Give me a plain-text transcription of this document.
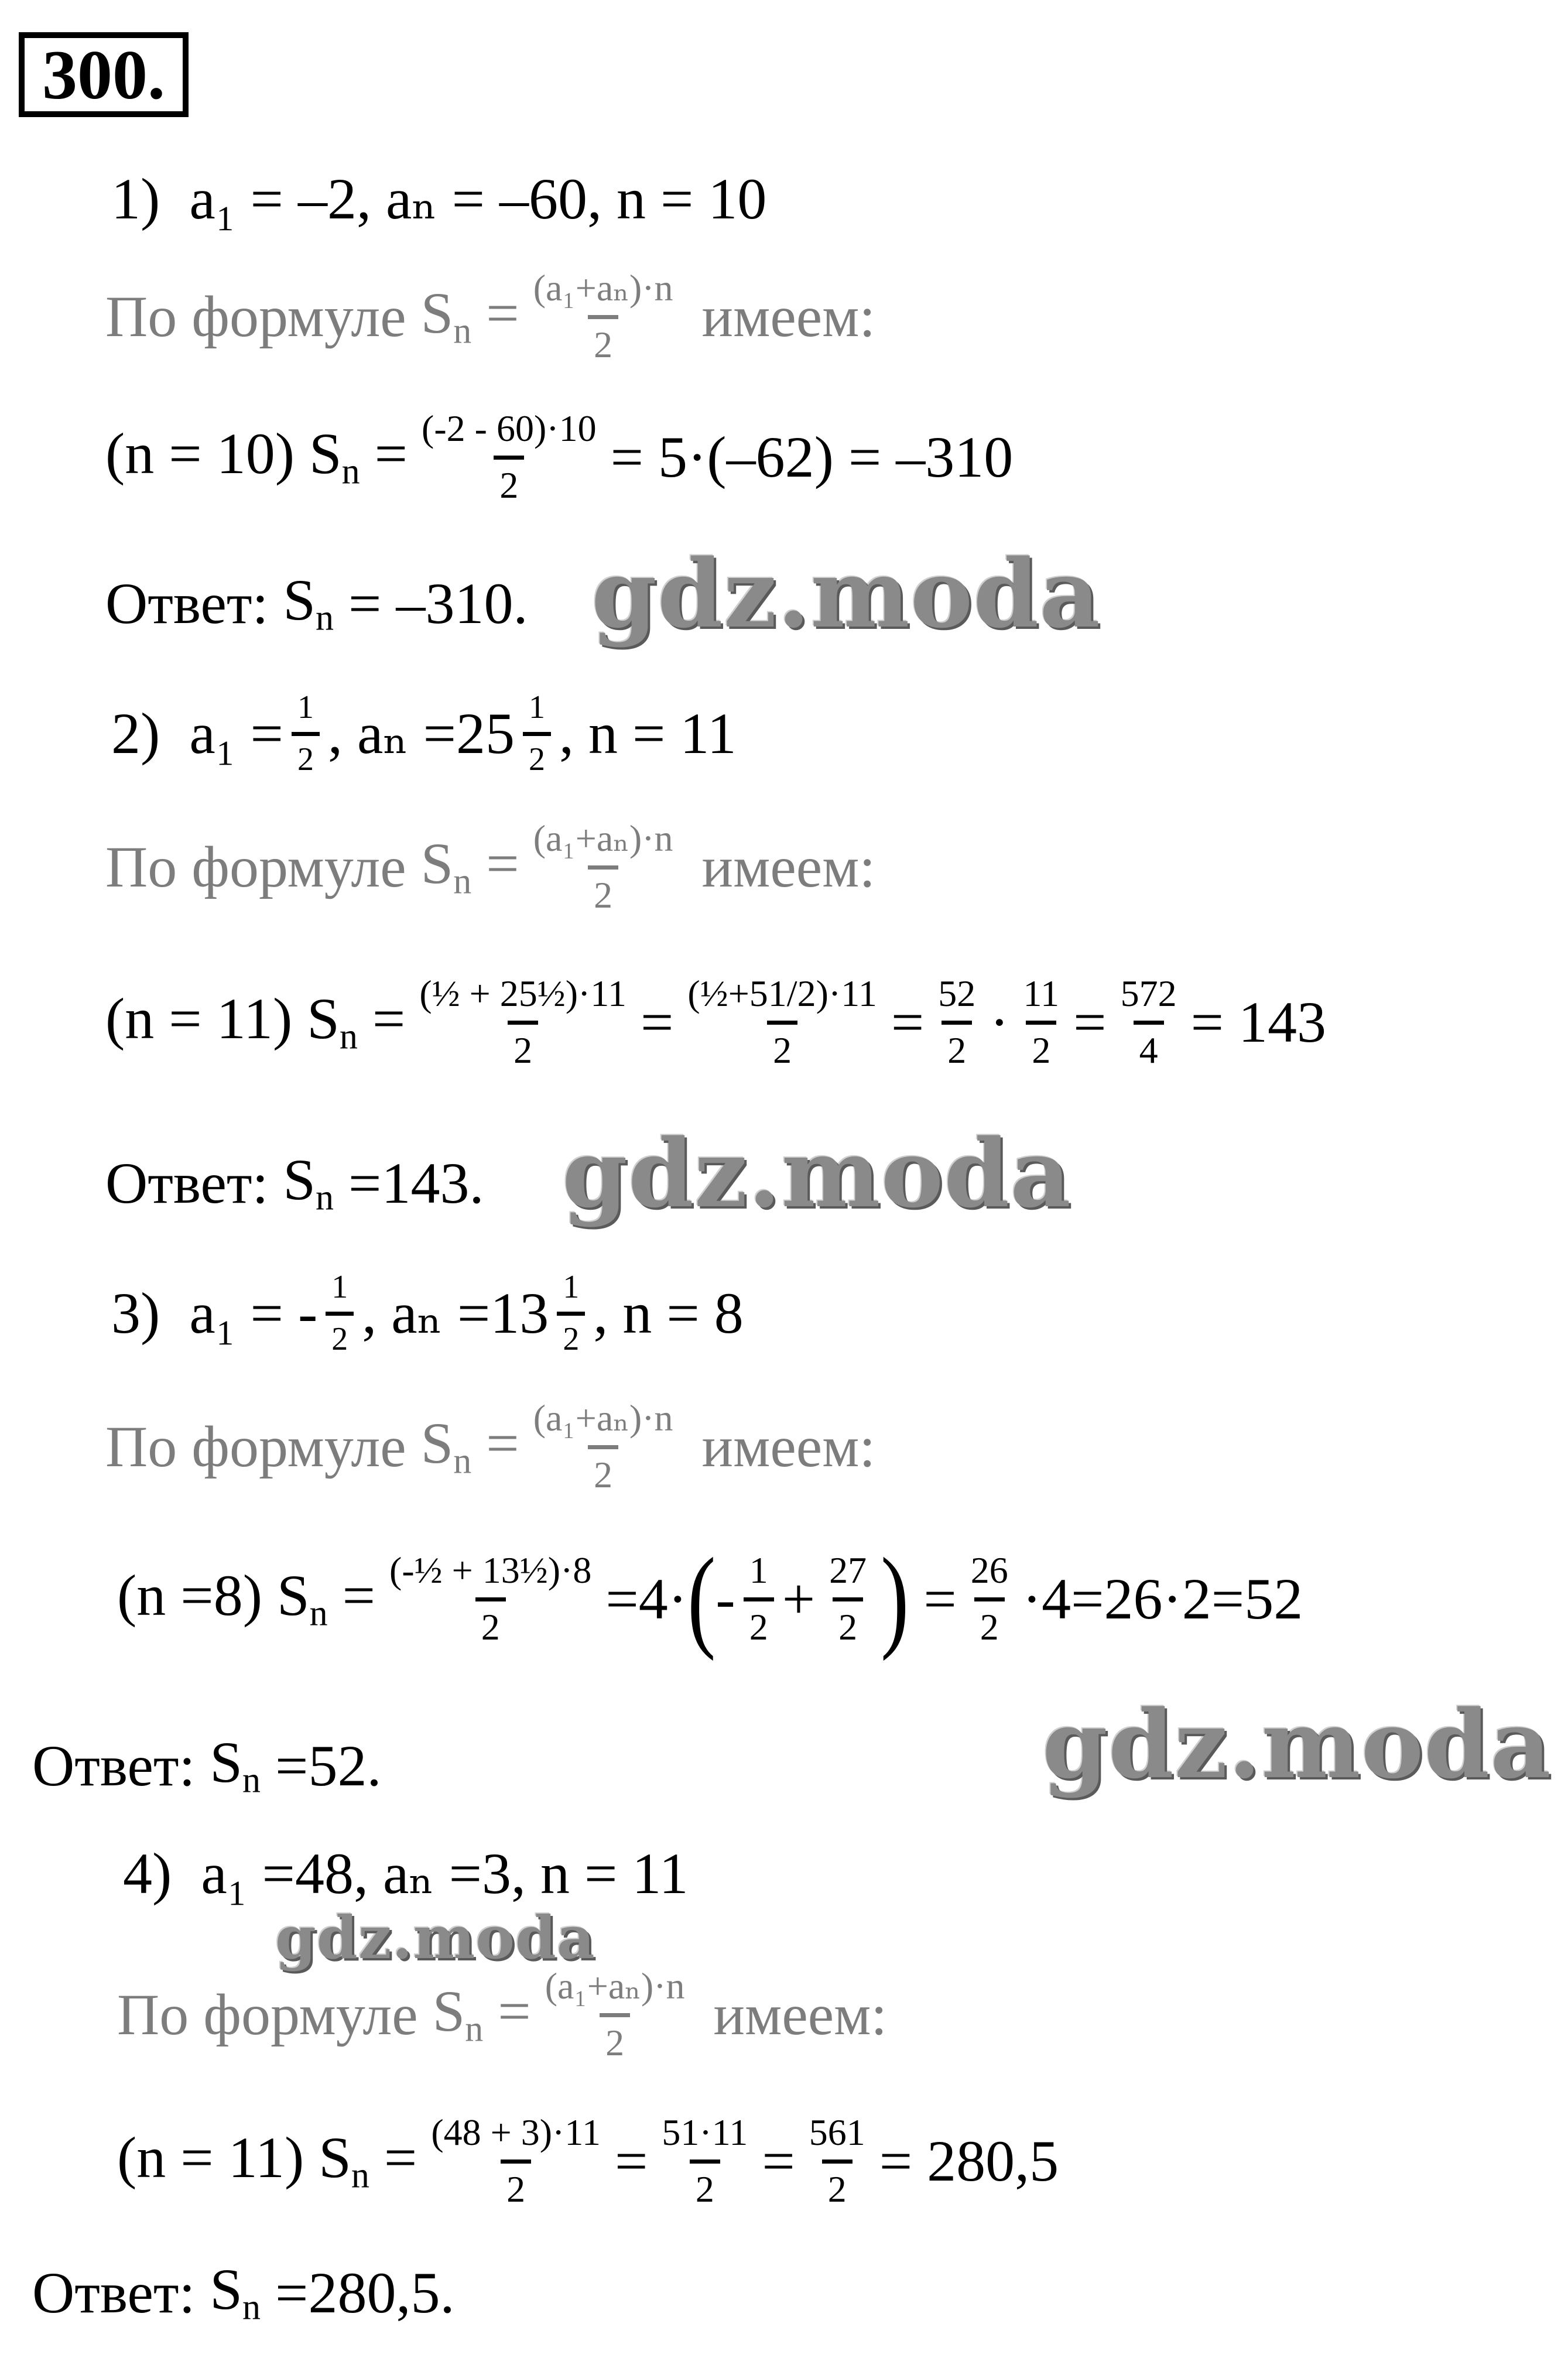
300.
1)
a₁ = –2, aₙ = –60, n = 10
По формуле
$S_n = \frac{\text{(a₁+aₙ)·n}}{2}$
имеем:
(n = 10) $S_n = \frac{(-2 - 60)\cdot 10}{2} = 5\cdot(-62) = -310$
Ответ:
$S_n = -310$. gdz.moda
2)
$a_1 = \frac{1}{2}$ , $a_n =25 \frac{1}{2}$ , n = 11
По формуле
$S_n = \frac{\text{(a₁+aₙ)·n}}{2}$
имеем:
(n = 11) $S_n = \frac{\text{(½ + 25½)·11}}{2} = \frac{\text{(½+51/2)·11}}{2} = \frac{52}{2} \cdot \frac{11}{2} = \frac{572}{4} = 143$
Ответ:
$S_n =143$. gdz.moda
3)
a₁ = - $\frac{1}{2}$ , $a_n =13 \frac{1}{2}$ , n = 8
По формуле
$S_n = \frac{\text{(a₁+aₙ)·n}}{2}$
имеем:
(n =8) $S_n = \frac{\text{(-½ + 13½)·8}}{2} =4\cdot$ ( - $\frac{1}{2} + \frac{27}{2}$ ) = $\frac{26}{2} \cdot 4=26\cdot 2=52$
Ответ:
$S_n =52$.	gdz.moda
4)
a₁ =48, aₙ =3, n = 11
gdz.moda
По формуле
$S_n = \frac{\text{(a₁+aₙ)·n}}{2}$
имеем:
(n = 11) $S_n = \frac{(48 + 3)\cdot 11}{2} = \frac{51\cdot 11}{2} = \frac{561}{2} = 280,5$
Ответ:
$S_n =280,5$.
